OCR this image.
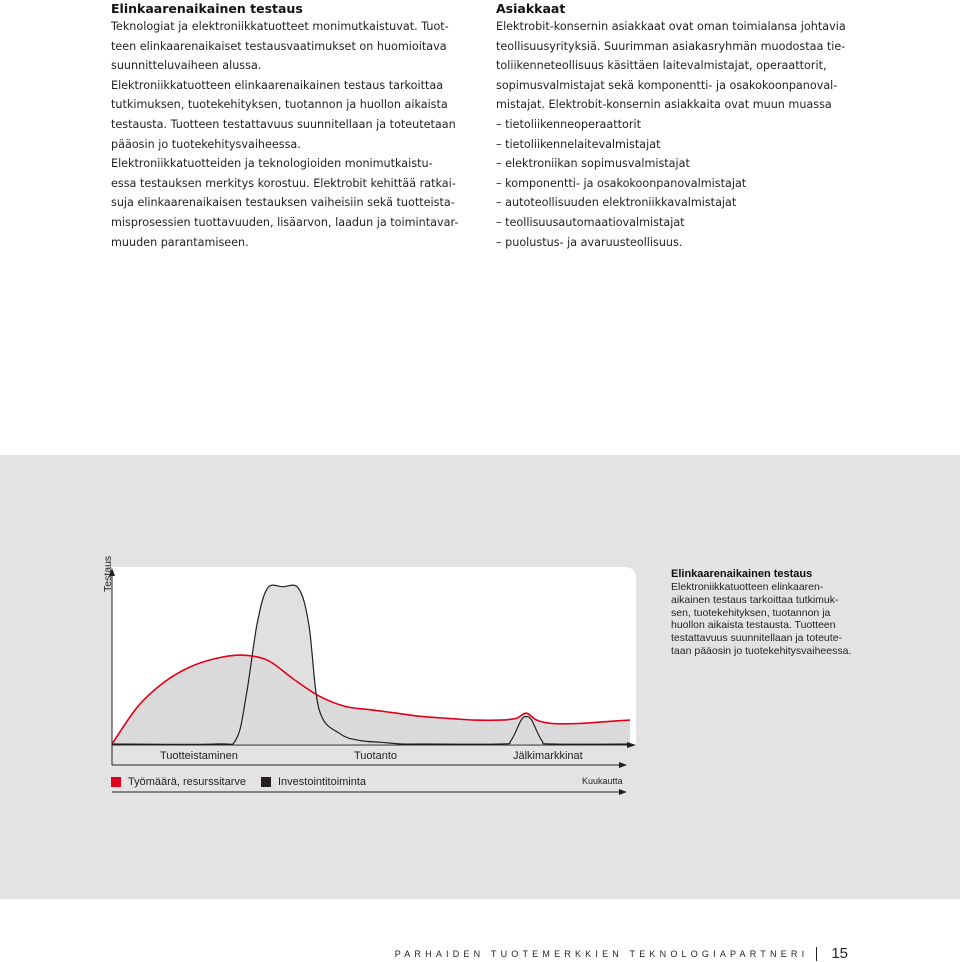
Elinkaarenaikainen testaus

Teknologiat ja elektroniikkatuotteet monimutkaistuvat. Tuot-
teen elinkaarenaikaiset testausvaatimukset on huomioitava
suunnitteluvaiheen alussa.

Elektroniikkatuotteen elinkaarenaikainen testaus tarkoittaa
tutkimuksen, tuotekehityksen, tuotannon ja huollon aikaista
testausta. Tuotteen testattavuus suunnitellaan ja toteutetaan
pääosin jo tuotekehitysvaiheessa.

Elektroniikkatuotteiden ja teknologioiden monimutkaistu-
essa testauksen merkitys korostuu. Elektrobit kehittää ratkai-
suja elinkaarenaikaisen testauksen vaiheisiin sekä tuotteista-
misprosessien tuottavuuden, lisäarvon, laadun ja toimintavar-
muuden parantamiseen.

Asiakkaat

Elektrobit-konsernin asiakkaat ovat oman toimialansa johtavia
teollisuusyrityksiä. Suurimman asiakasryhmän muodostaa tie-
toliikenneteollisuus käsittäen laitevalmistajat, operaattorit,
sopimusvalmistajat sekä komponentti- ja osakokoonpanoval-
mistajat. Elektrobit-konsernin asiakkaita ovat muun muassa

– tietoliikenneoperaattorit
– tietoliikennelaitevalmistajat
– elektroniikan sopimusvalmistajat
– komponentti- ja osakokoonpanovalmistajat
– autoteollisuuden elektroniikkavalmistajat
– teollisuusautomaatiovalmistajat
– puolustus- ja avaruusteollisuus.
Testaus
Tuotteistaminen	Tuotanto	Jälkimarkkinat
Työmäärä, resurssitarve	Investointitoiminta	Kuukautta

Elinkaarenaikainen testaus

Elektroniikkatuotteen elinkaaren-
aikainen testaus tarkoittaa tutkimuk-
sen, tuotekehityksen, tuotannon ja
huollon aikaista testausta. Tuotteen
testattavuus suunnitellaan ja toteute-
taan pääosin jo tuotekehitysvaiheessa.

PARHAIDEN TUOTEMERKKIEN TEKNOLOGIAPARTNERI 15
